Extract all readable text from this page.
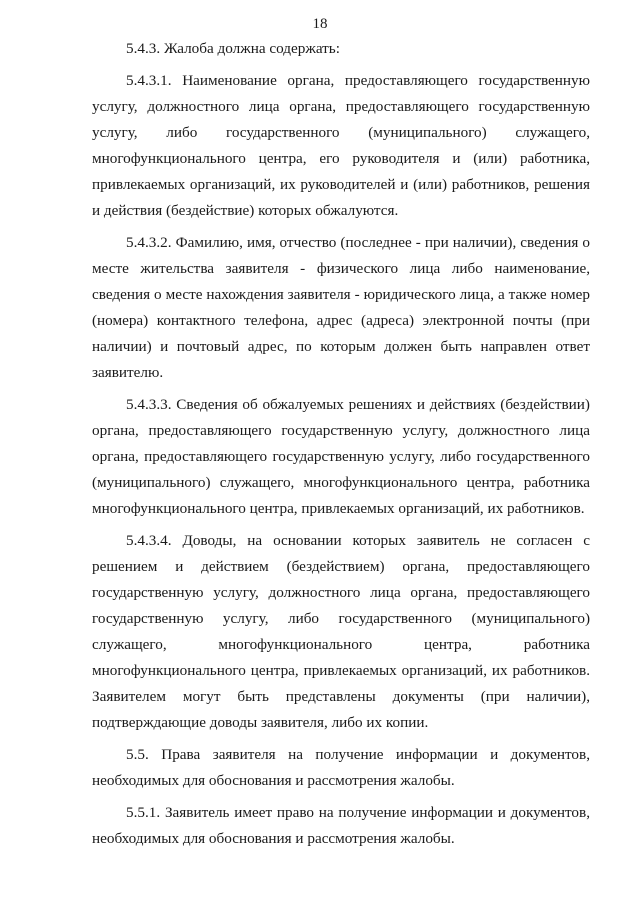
18

5.4.3. Жалоба должна содержать:

5.4.3.1. Наименование органа, предоставляющего государственную услугу, должностного лица органа, предоставляющего государственную услугу, либо государственного (муниципального) служащего, многофункционального центра, его руководителя и (или) работника, привлекаемых организаций, их руководителей и (или) работников, решения и действия (бездействие) которых обжалуются.

5.4.3.2. Фамилию, имя, отчество (последнее - при наличии), сведения о месте жительства заявителя - физического лица либо наименование, сведения о месте нахождения заявителя - юридического лица, а также номер (номера) контактного телефона, адрес (адреса) электронной почты (при наличии) и почтовый адрес, по которым должен быть направлен ответ заявителю.

5.4.3.3. Сведения об обжалуемых решениях и действиях (бездействии) органа, предоставляющего государственную услугу, должностного лица органа, предоставляющего государственную услугу, либо государственного (муниципального) служащего, многофункционального центра, работника многофункционального центра, привлекаемых организаций, их работников.

5.4.3.4. Доводы, на основании которых заявитель не согласен с решением и действием (бездействием) органа, предоставляющего государственную услугу, должностного лица органа, предоставляющего государственную услугу, либо государственного (муниципального) служащего, многофункционального центра, работника многофункционального центра, привлекаемых организаций, их работников. Заявителем могут быть представлены документы (при наличии), подтверждающие доводы заявителя, либо их копии.

5.5. Права заявителя на получение информации и документов, необходимых для обоснования и рассмотрения жалобы.

5.5.1. Заявитель имеет право на получение информации и документов, необходимых для обоснования и рассмотрения жалобы.
